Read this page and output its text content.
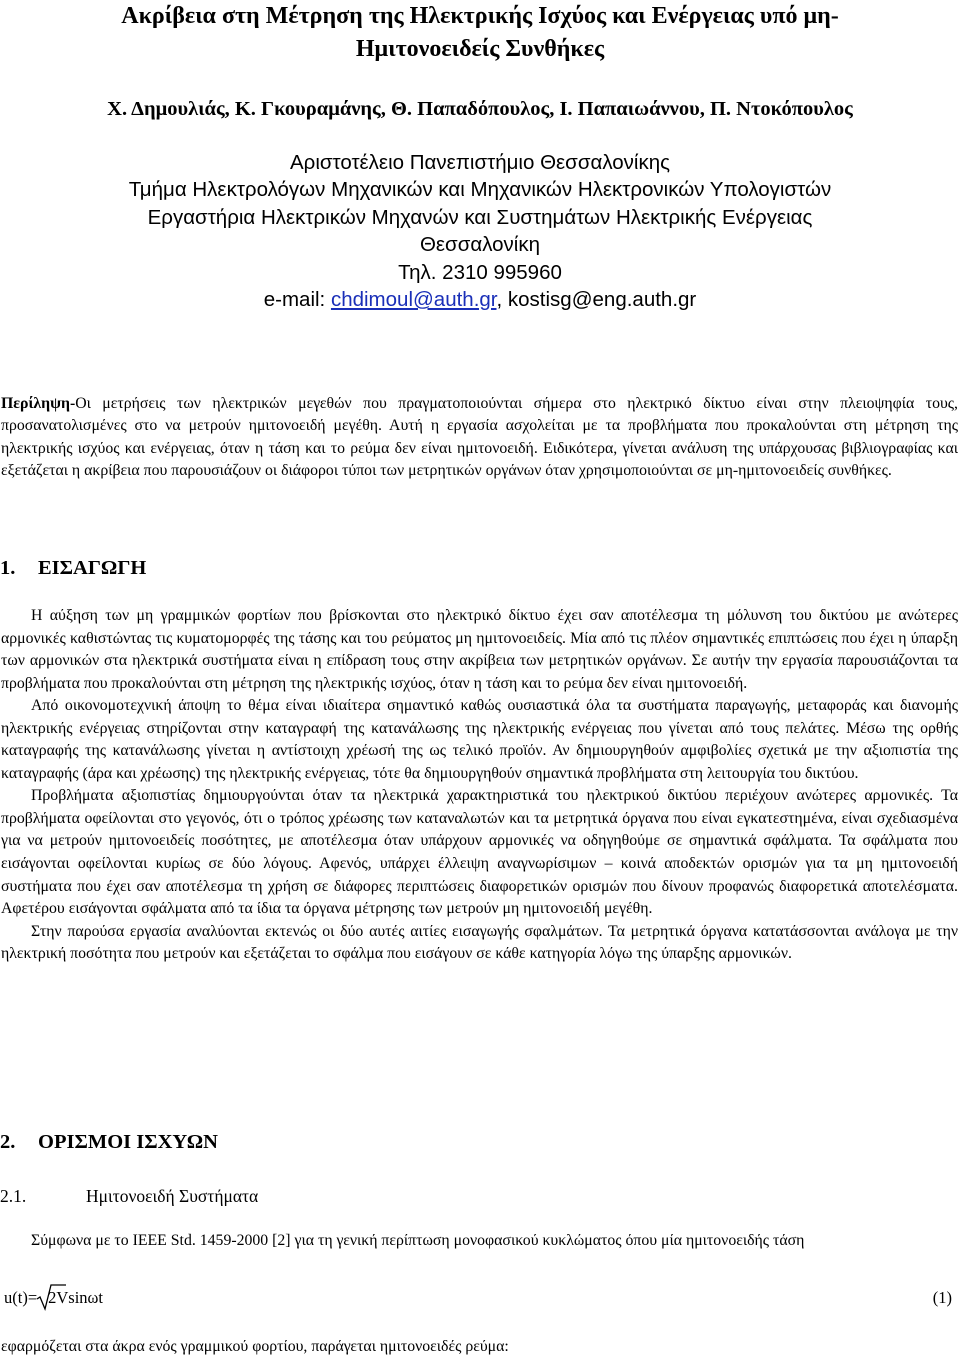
Ακρίβεια στη Μέτρηση της Ηλεκτρικής Ισχύος και Ενέργειας υπό μη-
Ημιτονοειδείς Συνθήκες
Χ. Δημουλιάς, Κ. Γκουραμάνης, Θ. Παπαδόπουλος, Ι. Παπαιωάννου, Π. Ντοκόπουλος
Αριστοτέλειο Πανεπιστήμιο Θεσσαλονίκης
Τμήμα Ηλεκτρολόγων Μηχανικών και Μηχανικών Ηλεκτρονικών Υπολογιστών
Εργαστήρια Ηλεκτρικών Μηχανών και Συστημάτων Ηλεκτρικής Ενέργειας
Θεσσαλονίκη
Τηλ. 2310 995960
e-mail: chdimoul@auth.gr, kostisg@eng.auth.gr
Περίληψη-Οι μετρήσεις των ηλεκτρικών μεγεθών που πραγματοποιούνται σήμερα στο ηλεκτρικό δίκτυο είναι στην πλειοψηφία τους, προσανατολισμένες στο να μετρούν ημιτονοειδή μεγέθη. Αυτή η εργασία ασχολείται με τα προβλήματα που προκαλούνται στη μέτρηση της ηλεκτρικής ισχύος και ενέργειας, όταν η τάση και το ρεύμα δεν είναι ημιτονοειδή. Ειδικότερα, γίνεται ανάλυση της υπάρχουσας βιβλιογραφίας και εξετάζεται η ακρίβεια που παρουσιάζουν οι διάφοροι τύποι των μετρητικών οργάνων όταν χρησιμοποιούνται σε μη-ημιτονοειδείς συνθήκες.
1. ΕΙΣΑΓΩΓΗ

Η αύξηση των μη γραμμικών φορτίων που βρίσκονται στο ηλεκτρικό δίκτυο έχει σαν αποτέλεσμα τη μόλυνση του δικτύου με ανώτερες αρμονικές καθιστώντας τις κυματομορφές της τάσης και του ρεύματος μη ημιτονοειδείς. Μία από τις πλέον σημαντικές επιπτώσεις που έχει η ύπαρξη των αρμονικών στα ηλεκτρικά συστήματα είναι η επίδραση τους στην ακρίβεια των μετρητικών οργάνων. Σε αυτήν την εργασία παρουσιάζονται τα προβλήματα που προκαλούνται στη μέτρηση της ηλεκτρικής ισχύος, όταν η τάση και το ρεύμα δεν είναι ημιτονοειδή.

Από οικονομοτεχνική άποψη το θέμα είναι ιδιαίτερα σημαντικό καθώς ουσιαστικά όλα τα συστήματα παραγωγής, μεταφοράς και διανομής ηλεκτρικής ενέργειας στηρίζονται στην καταγραφή της κατανάλωσης της ηλεκτρικής ενέργειας που γίνεται από τους πελάτες. Μέσω της ορθής καταγραφής της κατανάλωσης γίνεται η αντίστοιχη χρέωσή της ως τελικό προϊόν. Αν δημιουργηθούν αμφιβολίες σχετικά με την αξιοπιστία της καταγραφής (άρα και χρέωσης) της ηλεκτρικής ενέργειας, τότε θα δημιουργηθούν σημαντικά προβλήματα στη λειτουργία του δικτύου.

Προβλήματα αξιοπιστίας δημιουργούνται όταν τα ηλεκτρικά χαρακτηριστικά του ηλεκτρικού δικτύου περιέχουν ανώτερες αρμονικές. Τα προβλήματα οφείλονται στο γεγονός, ότι ο τρόπος χρέωσης των καταναλωτών και τα μετρητικά όργανα που είναι εγκατεστημένα, είναι σχεδιασμένα για να μετρούν ημιτονοειδείς ποσότητες, με αποτέλεσμα όταν υπάρχουν αρμονικές να οδηγηθούμε σε σημαντικά σφάλματα. Τα σφάλματα που εισάγονται οφείλονται κυρίως σε δύο λόγους. Αφενός, υπάρχει έλλειψη αναγνωρίσιμων – κοινά αποδεκτών ορισμών για τα μη ημιτονοειδή συστήματα που έχει σαν αποτέλεσμα τη χρήση σε διάφορες περιπτώσεις διαφορετικών ορισμών που δίνουν προφανώς διαφορετικά αποτελέσματα. Αφετέρου εισάγονται σφάλματα από τα ίδια τα όργανα μέτρησης των μετρούν μη ημιτονοειδή μεγέθη.

Στην παρούσα εργασία αναλύονται εκτενώς οι δύο αυτές αιτίες εισαγωγής σφαλμάτων. Τα μετρητικά όργανα κατατάσσονται ανάλογα με την ηλεκτρική ποσότητα που μετρούν και εξετάζεται το σφάλμα που εισάγουν σε κάθε κατηγορία λόγω της ύπαρξης αρμονικών.

2. ΟΡΙΣΜΟΙ ΙΣΧΥΩΝ
2.1.	Ημιτονοειδή Συστήματα

Σύμφωνα με το IEEE Std. 1459-2000 [2] για τη γενική περίπτωση μονοφασικού κυκλώματος όπου μία ημιτονοειδής τάση

u(t)= 2Vsinωt	(1)
εφαρμόζεται στα άκρα ενός γραμμικού φορτίου, παράγεται ημιτονοειδές ρεύμα:
